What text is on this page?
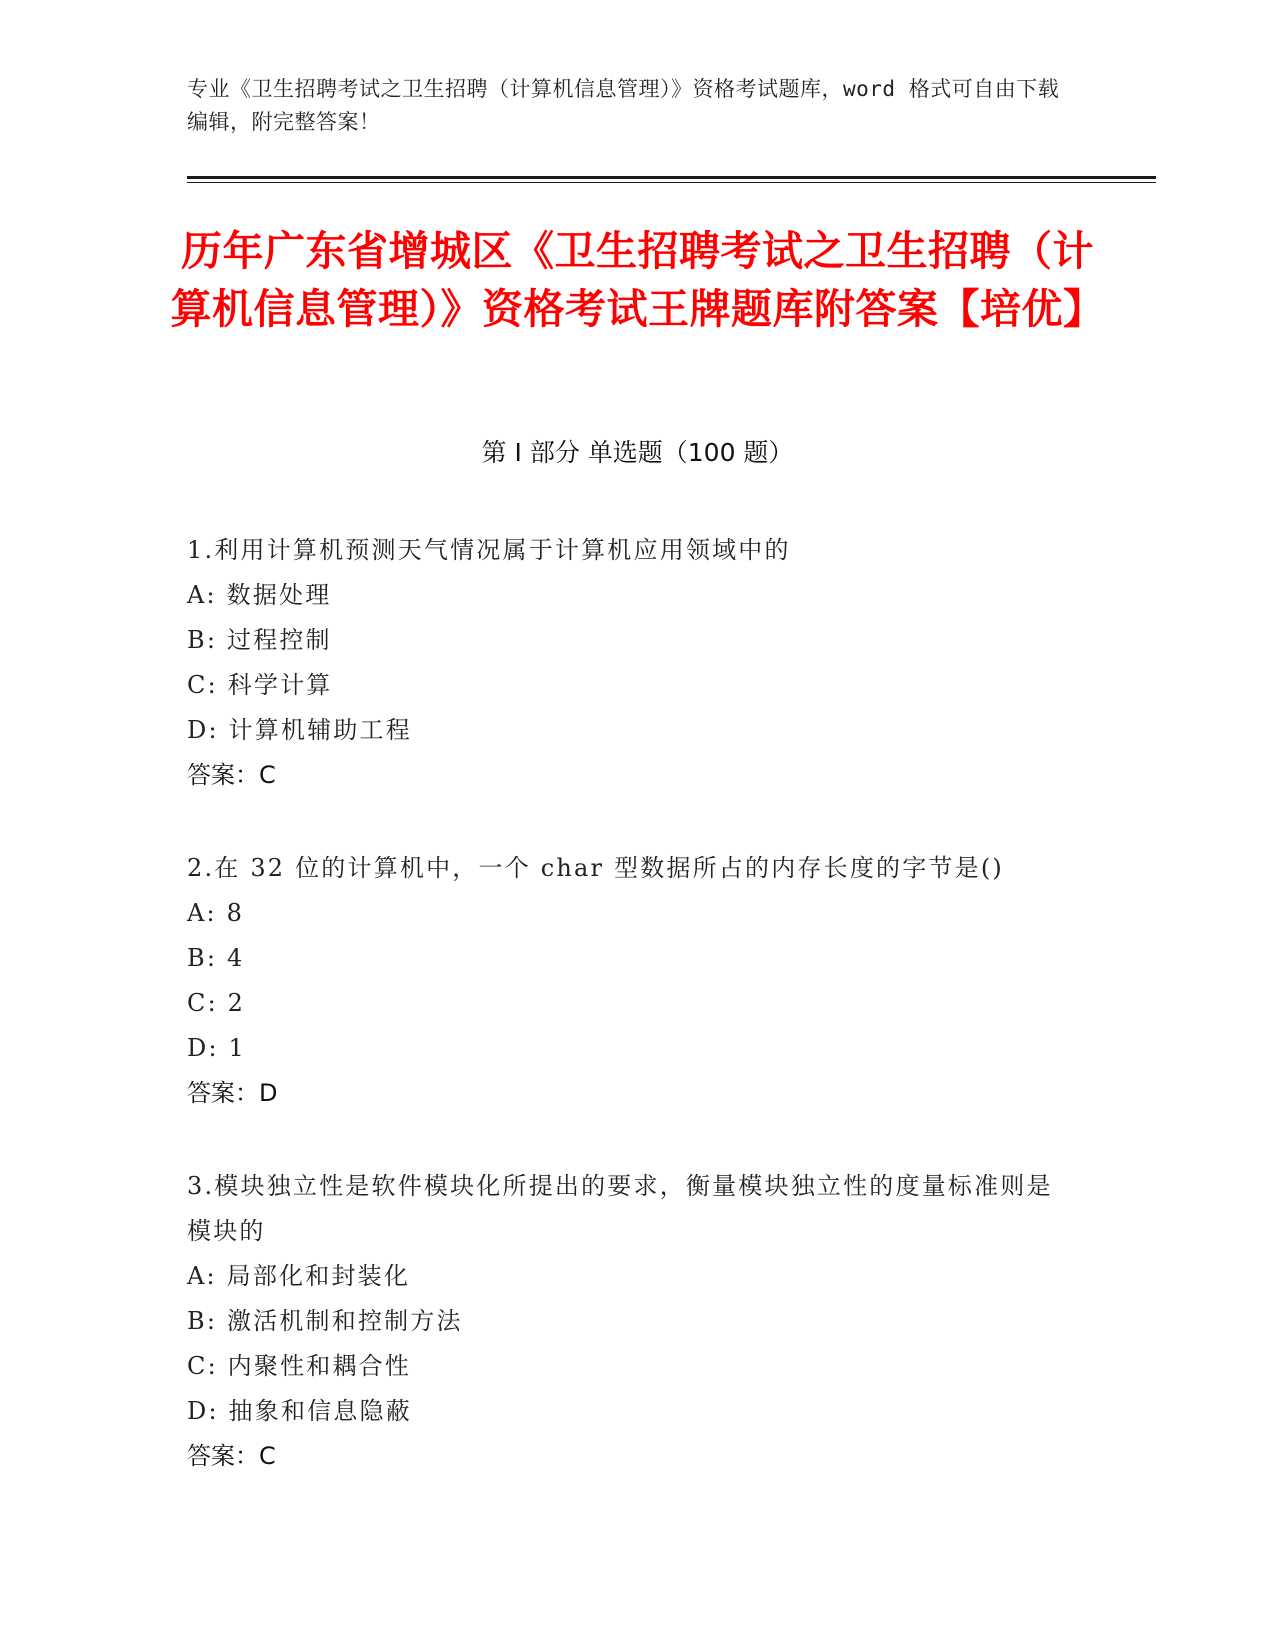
专业《卫生招聘考试之卫生招聘（计算机信息管理）》资格考试题库，word 格式可自由下载编辑，附完整答案！
历年广东省增城区《卫生招聘考试之卫生招聘（计算机信息管理）》资格考试王牌题库附答案【培优】
第 I 部分 单选题（100 题）
1.利用计算机预测天气情况属于计算机应用领域中的
A: 数据处理
B: 过程控制
C: 科学计算
D: 计算机辅助工程
答案：C
2.在 32 位的计算机中，一个 char 型数据所占的内存长度的字节是()
A: 8
B: 4
C: 2
D: 1
答案：D
3.模块独立性是软件模块化所提出的要求，衡量模块独立性的度量标准则是模块的
A: 局部化和封装化
B: 激活机制和控制方法
C: 内聚性和耦合性
D: 抽象和信息隐蔽
答案：C
